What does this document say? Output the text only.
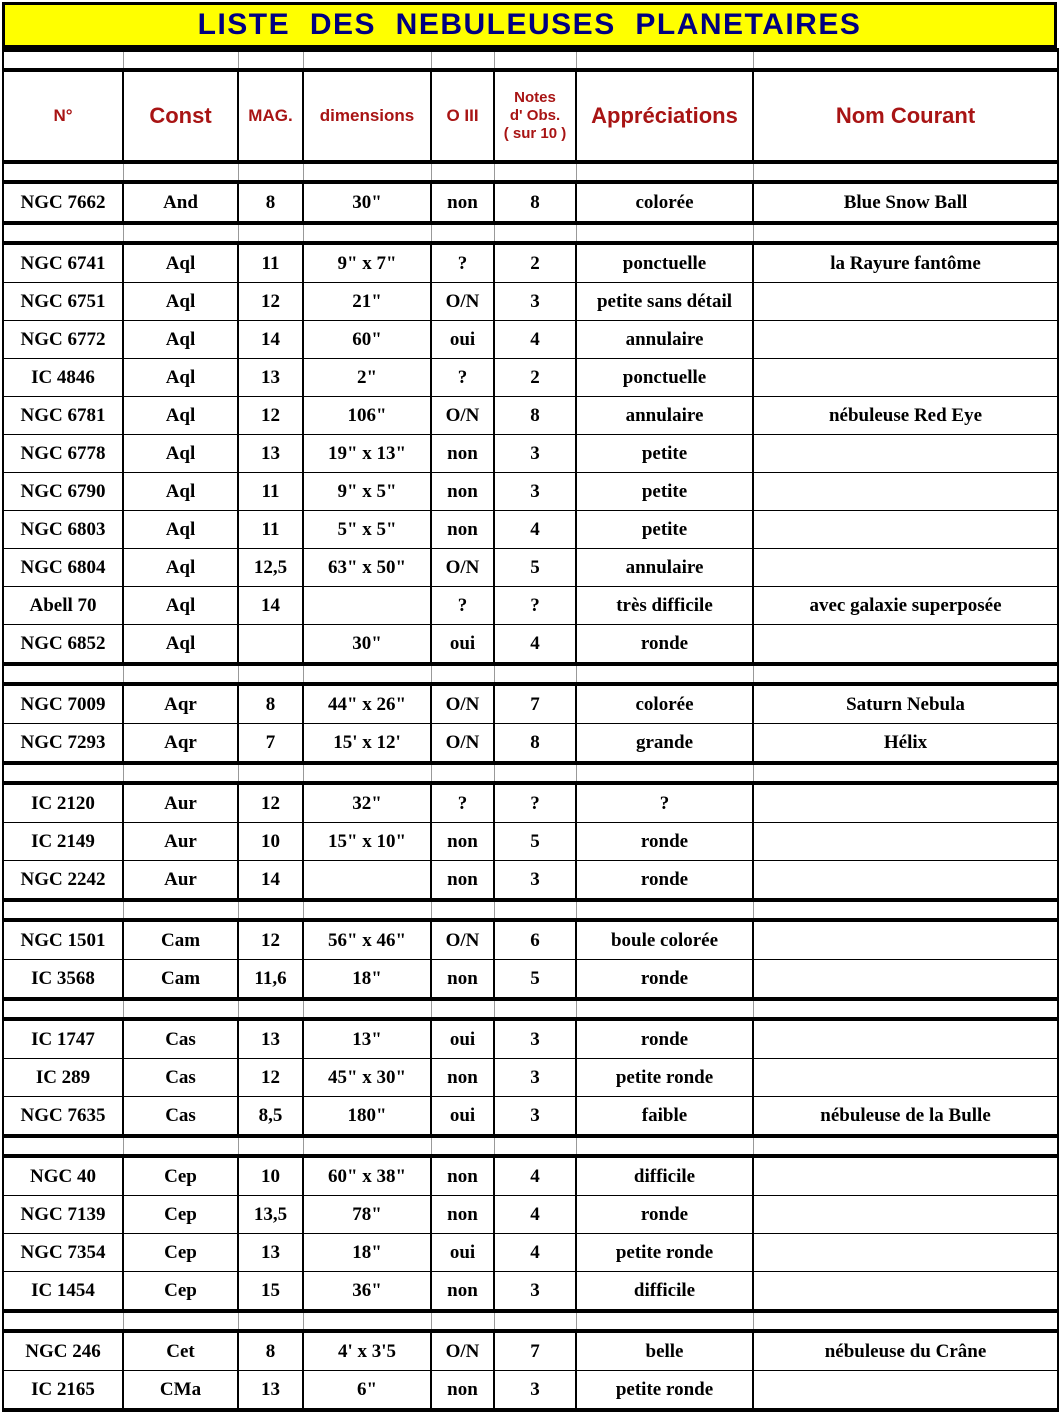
LISTE  DES  NEBULEUSES  PLANETAIRES

N°	Const	MAG.	dimensions	O III	Notes
d' Obs.
( sur 10 )	Appréciations	Nom Courant

NGC 7662	And	8	30"	non	8	colorée	Blue Snow Ball

NGC 6741	Aql	11	9" x 7"	?	2	ponctuelle	la Rayure fantôme
NGC 6751	Aql	12	21"	O/N	3	petite sans détail	
NGC 6772	Aql	14	60"	oui	4	annulaire	
IC 4846	Aql	13	2"	?	2	ponctuelle	
NGC 6781	Aql	12	106"	O/N	8	annulaire	nébuleuse Red Eye
NGC 6778	Aql	13	19" x 13"	non	3	petite	
NGC 6790	Aql	11	9" x 5"	non	3	petite	
NGC 6803	Aql	11	5" x 5"	non	4	petite	
NGC 6804	Aql	12,5	63" x 50"	O/N	5	annulaire	
Abell 70	Aql	14		?	?	très difficile	avec galaxie superposée
NGC 6852	Aql		30"	oui	4	ronde	

NGC 7009	Aqr	8	44" x 26"	O/N	7	colorée	Saturn Nebula
NGC 7293	Aqr	7	15' x 12'	O/N	8	grande	Hélix

IC 2120	Aur	12	32"	?	?	?	
IC 2149	Aur	10	15" x 10"	non	5	ronde	
NGC 2242	Aur	14		non	3	ronde	

NGC 1501	Cam	12	56" x 46"	O/N	6	boule colorée	
IC 3568	Cam	11,6	18"	non	5	ronde	

IC 1747	Cas	13	13"	oui	3	ronde	
IC 289	Cas	12	45" x 30"	non	3	petite ronde	
NGC 7635	Cas	8,5	180"	oui	3	faible	nébuleuse de la Bulle

NGC 40	Cep	10	60" x 38"	non	4	difficile	
NGC 7139	Cep	13,5	78"	non	4	ronde	
NGC 7354	Cep	13	18"	oui	4	petite ronde	
IC 1454	Cep	15	36"	non	3	difficile	

NGC 246	Cet	8	4' x 3'5	O/N	7	belle	nébuleuse du Crâne
IC 2165	CMa	13	6"	non	3	petite ronde	
